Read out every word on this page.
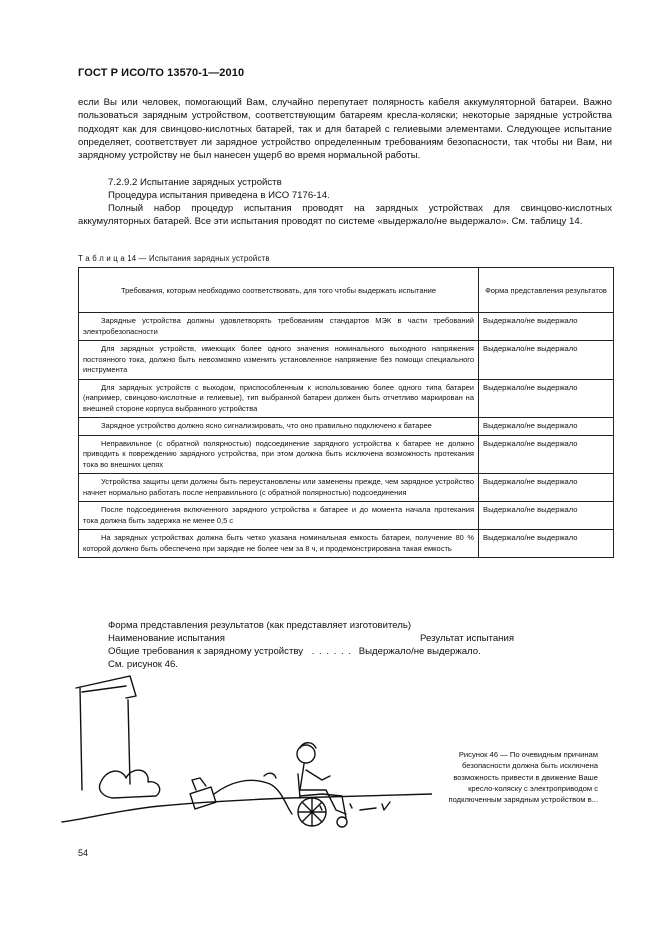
ГОСТ Р ИСО/ТО 13570-1—2010
если Вы или человек, помогающий Вам, случайно перепутает полярность кабеля аккумуляторной батареи. Важно пользоваться зарядным устройством, соответствующим батареям кресла-коляски; некоторые зарядные устройства подходят как для свинцово-кислотных батарей, так и для батарей с гелиевыми элементами. Следующее испытание определяет, соответствует ли зарядное устройство определенным требованиям безопасности, так чтобы ни Вам, ни зарядному устройству не был нанесен ущерб во время нормальной работы.
7.2.9.2 Испытание зарядных устройств
Процедура испытания приведена в ИСО 7176-14.
Полный набор процедур испытания проводят на зарядных устройствах для свинцово-кислотных аккумуляторных батарей. Все эти испытания проводят по системе «выдержало/не выдержало». См. таблицу 14.
Т а б л и ц а 14 — Испытания зарядных устройств
Требования, которым необходимо соответствовать, для того чтобы выдержать испытание	Форма представления результатов
Зарядные устройства должны удовлетворять требованиям стандартов МЭК в части требований электробезопасности	Выдержало/не выдержало
Для зарядных устройств, имеющих более одного значения номинального выходного напряжения постоянного тока, должно быть невозможно изменить установленное напряжение без помощи специального инструмента	Выдержало/не выдержало
Для зарядных устройств с выходом, приспособленным к использованию более одного типа батареи (например, свинцово-кислотные и гелиевые), тип выбранной батареи должен быть отчетливо маркирован на внешней стороне корпуса выбранного устройства	Выдержало/не выдержало
Зарядное устройство должно ясно сигнализировать, что оно правильно подключено к батарее	Выдержало/не выдержало
Неправильное (с обратной полярностью) подсоединение зарядного устройства к батарее не должно приводить к повреждению зарядного устройства, при этом должна быть исключена возможность протекания тока во внешних цепях	Выдержало/не выдержало
Устройства защиты цепи должны быть переустановлены или заменены прежде, чем зарядное устройство начнет нормально работать после неправильного (с обратной полярностью) подсоединения	Выдержало/не выдержало
После подсоединения включенного зарядного устройства к батарее и до момента начала протекания тока должна быть задержка не менее 0,5 с	Выдержало/не выдержало
На зарядных устройствах должна быть четко указана номинальная емкость батареи, получение 80 % которой должно быть обеспечено при зарядке не более чем за 8 ч, и продемонстрирована такая емкость	Выдержало/не выдержало
Форма представления результатов (как представляет изготовитель)
Наименование испытания	Результат испытания
Общие требования к зарядному устройству . . . . . . Выдержало/не выдержало.
См. рисунок 46.
Рисунок 46 — По очевидным причинам безопасности должна быть исключена возможность привести в движение Ваше кресло-коляску с электроприводом с подключенным зарядным устройством в...
54
